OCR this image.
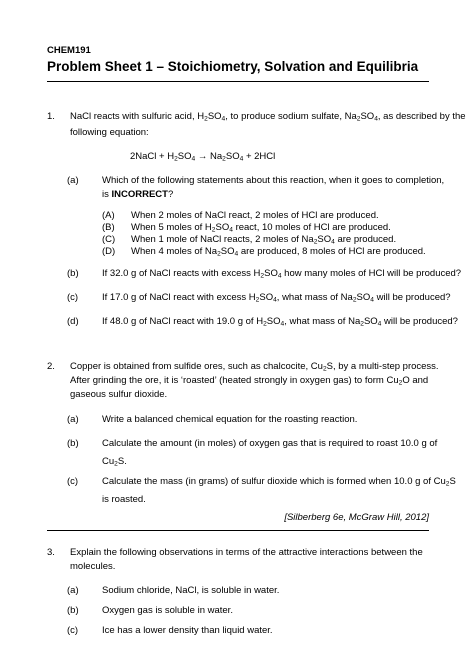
CHEM191
Problem Sheet 1 – Stoichiometry, Solvation and Equilibria
1. NaCl reacts with sulfuric acid, $H_2SO_4$, to produce sodium sulfate, $Na_2SO_4$, as described by the
following equation:
2NaCl + $H_2SO_4 \to Na_2SO_4 + 2HCl$
(a) Which of the following statements about this reaction, when it goes to completion,
is INCORRECT?
(A) When 2 moles of NaCl react, 2 moles of HCl are produced.
(B) When 5 moles of $H_2SO_4$ react, 10 moles of HCl are produced.
(C) When 1 mole of NaCl reacts, 2 moles of $Na_2SO_4$ are produced.
(D) When 4 moles of $Na_2SO_4$ are produced, 8 moles of HCl are produced.
(b) If 32.0 g of NaCl reacts with excess $H_2SO_4$ how many moles of HCl will be produced?
(c)	If 17.0 g of NaCl react with excess $H_2SO_4$, what mass of $Na_2SO_4$ will be produced?
(d) If 48.0 g of NaCl react with 19.0 g of $H_2SO_4$, what mass of $Na_2SO_4$ will be produced?
2. Copper is obtained from sulfide ores, such as chalcocite, $Cu_2S$, by a multi-step process.
After grinding the ore, it is ‘roasted’ (heated strongly in oxygen gas) to form $Cu_2O$ and
gaseous sulfur dioxide.
(a) Write a balanced chemical equation for the roasting reaction.
(b) Calculate the amount (in moles) of oxygen gas that is required to roast 10.0 g of
$Cu_2S$.
(c)	Calculate the mass (in grams) of sulfur dioxide which is formed when 10.0 g of $Cu_2S$
is roasted.
[Silberberg 6e, McGraw Hill, 2012]
3. Explain the following observations in terms of the attractive interactions between the
molecules.
(a) Sodium chloride, NaCl, is soluble in water.
(b) Oxygen gas is soluble in water.
(c)	Ice has a lower density than liquid water.
